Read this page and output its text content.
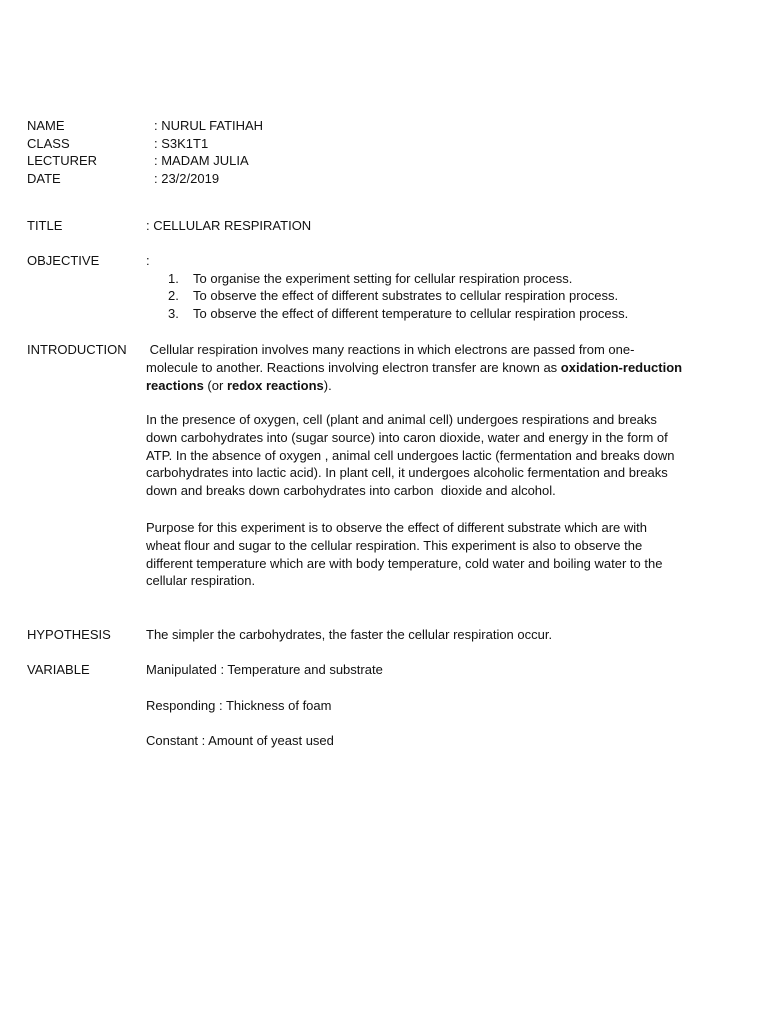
NAME	: NURUL FATIHAH
CLASS	: S3K1T1
LECTURER	: MADAM JULIA
DATE	: 23/2/2019
TITLE	: CELLULAR RESPIRATION
OBJECTIVE	:
1. To organise the experiment setting for cellular respiration process.
2. To observe the effect of different substrates to cellular respiration process.
3. To observe the effect of different temperature to cellular respiration process.
INTRODUCTION Cellular respiration involves many reactions in which electrons are passed from one-
molecule to another. Reactions involving electron transfer are known as oxidation-reduction
reactions (or redox reactions).
In the presence of oxygen, cell (plant and animal cell) undergoes respirations and breaks
down carbohydrates into (sugar source) into caron dioxide, water and energy in the form of
ATP. In the absence of oxygen , animal cell undergoes lactic (fermentation and breaks down
carbohydrates into lactic acid). In plant cell, it undergoes alcoholic fermentation and breaks
down and breaks down carbohydrates into carbon  dioxide and alcohol.
Purpose for this experiment is to observe the effect of different substrate which are with
wheat flour and sugar to the cellular respiration. This experiment is also to observe the
different temperature which are with body temperature, cold water and boiling water to the
cellular respiration.
HYPOTHESIS	The simpler the carbohydrates, the faster the cellular respiration occur.
VARIABLE	Manipulated : Temperature and substrate
Responding : Thickness of foam
Constant : Amount of yeast used
